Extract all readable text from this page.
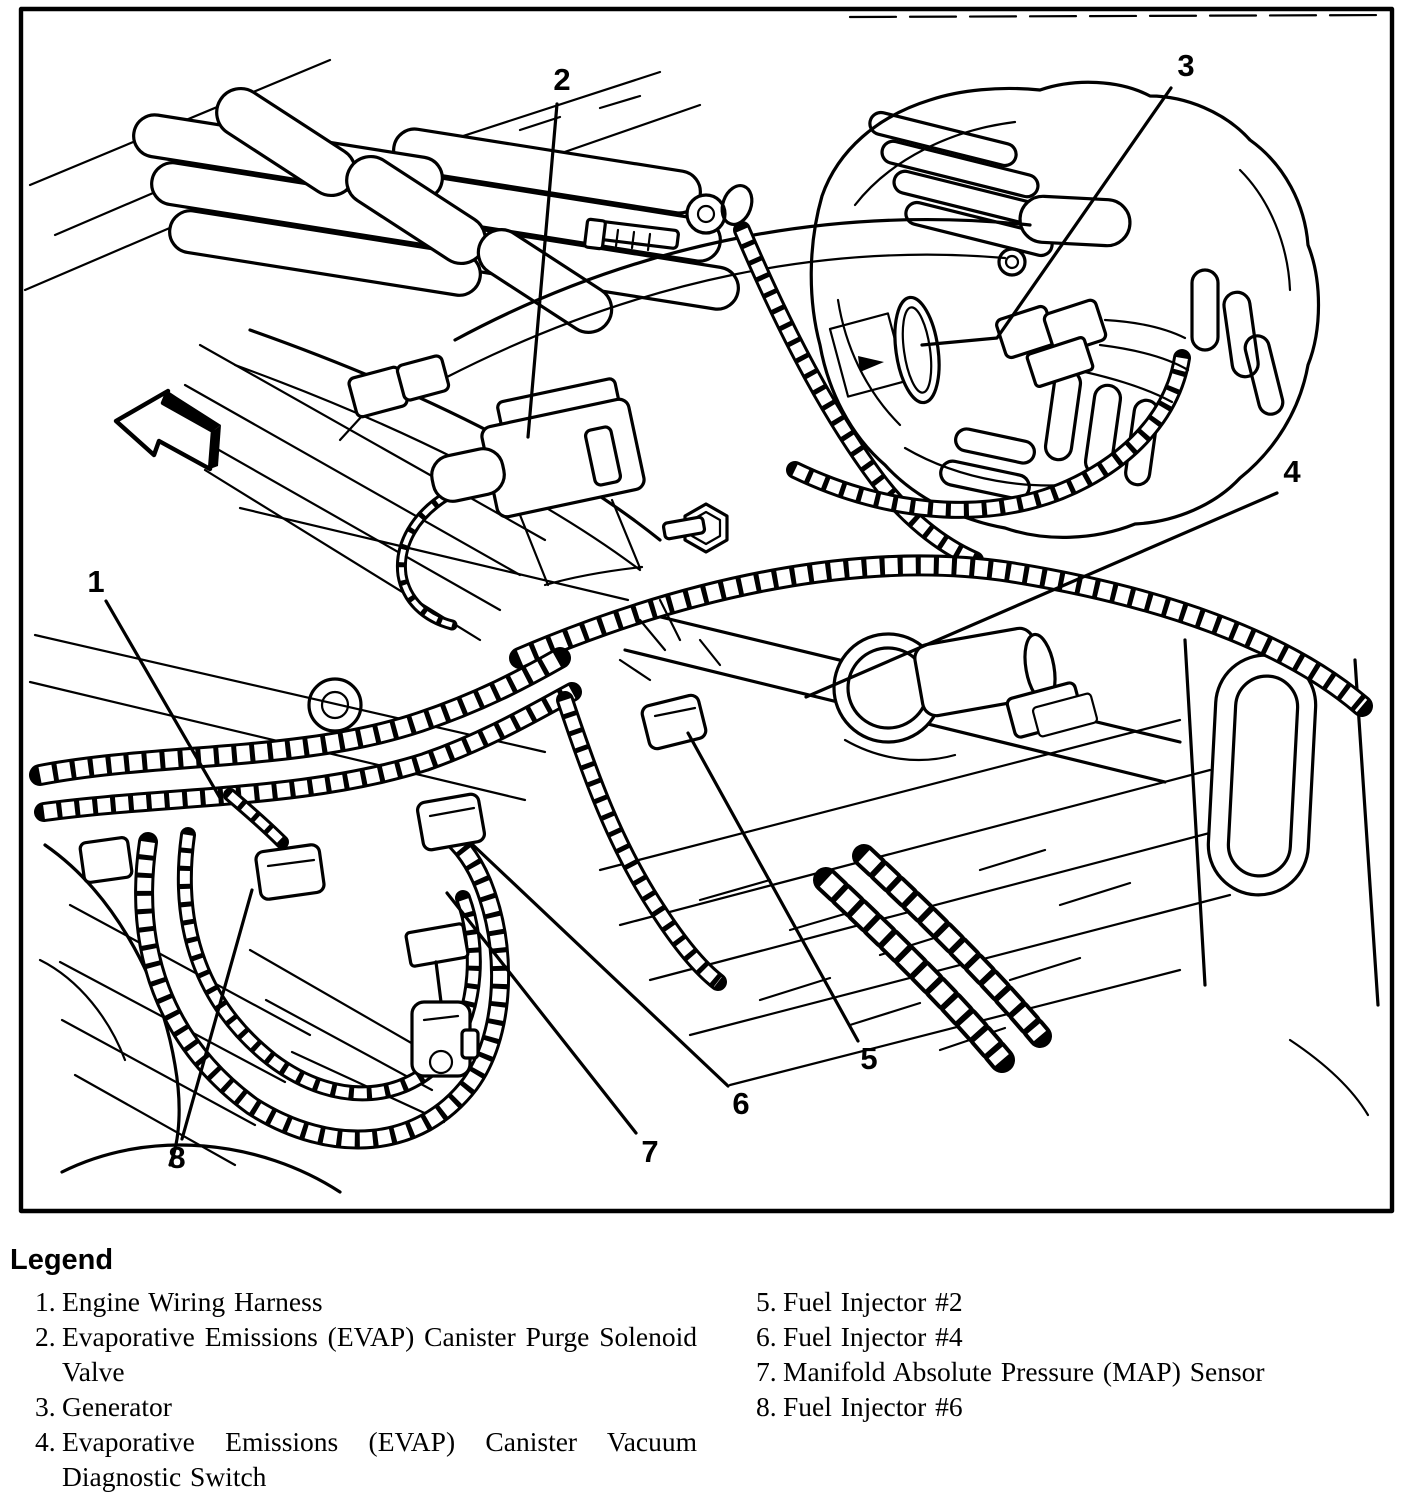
1
2	3
4
5
6
7
8
Legend
1. Engine Wiring Harness
2. Evaporative Emissions (EVAP) Canister Purge Solenoid Valve
3. Generator
4. Evaporative Emissions (EVAP) Canister Vacuum Diagnostic Switch
5. Fuel Injector #2
6. Fuel Injector #4
7. Manifold Absolute Pressure (MAP) Sensor
8. Fuel Injector #6
